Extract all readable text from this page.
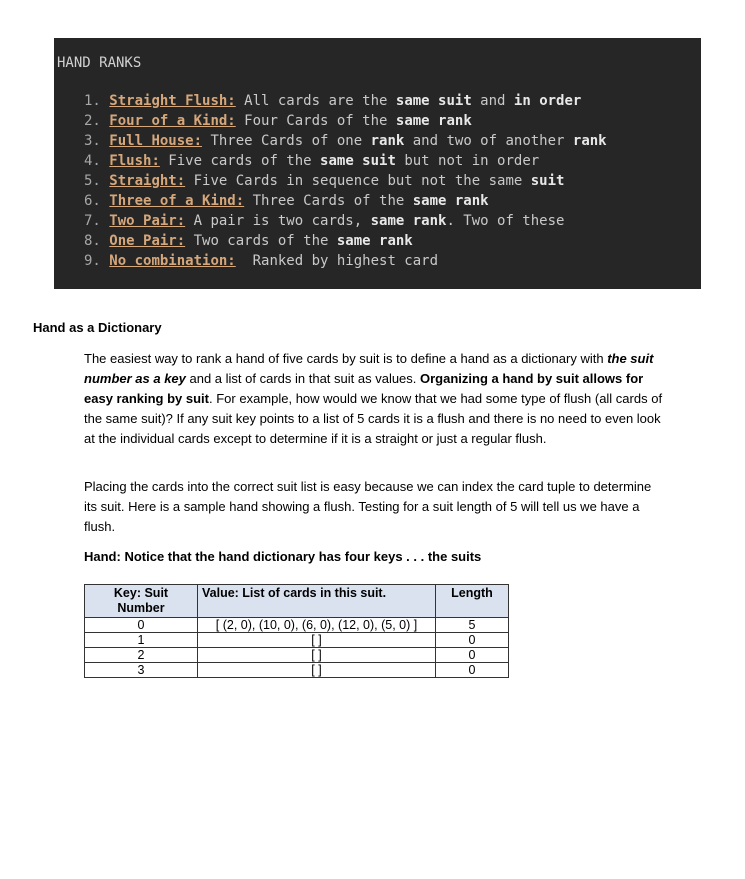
HAND RANKS
1. Straight Flush: All cards are the same suit and in order
2. Four of a Kind: Four Cards of the same rank
3. Full House: Three Cards of one rank and two of another rank
4. Flush: Five cards of the same suit but not in order
5. Straight: Five Cards in sequence but not the same suit
6. Three of a Kind: Three Cards of the same rank
7. Two Pair: A pair is two cards, same rank. Two of these
8. One Pair: Two cards of the same rank
9. No combination:  Ranked by highest card
Hand as a Dictionary

The easiest way to rank a hand of five cards by suit is to define a hand as a dictionary with the suit number as a key and a list of cards in that suit as values. Organizing a hand by suit allows for easy ranking by suit. For example, how would we know that we had some type of flush (all cards of the same suit)? If any suit key points to a list of 5 cards it is a flush and there is no need to even look at the individual cards except to determine if it is a straight or just a regular flush.

Placing the cards into the correct suit list is easy because we can index the card tuple to determine its suit. Here is a sample hand showing a flush. Testing for a suit length of 5 will tell us we have a flush.

Hand: Notice that the hand dictionary has four keys . . . the suits

Key: Suit Number	Value: List of cards in this suit.	Length
0	[ (2, 0), (10, 0), (6, 0), (12, 0), (5, 0) ]	5
1	[ ]	0
2	[ ]	0
3	[ ]	0
